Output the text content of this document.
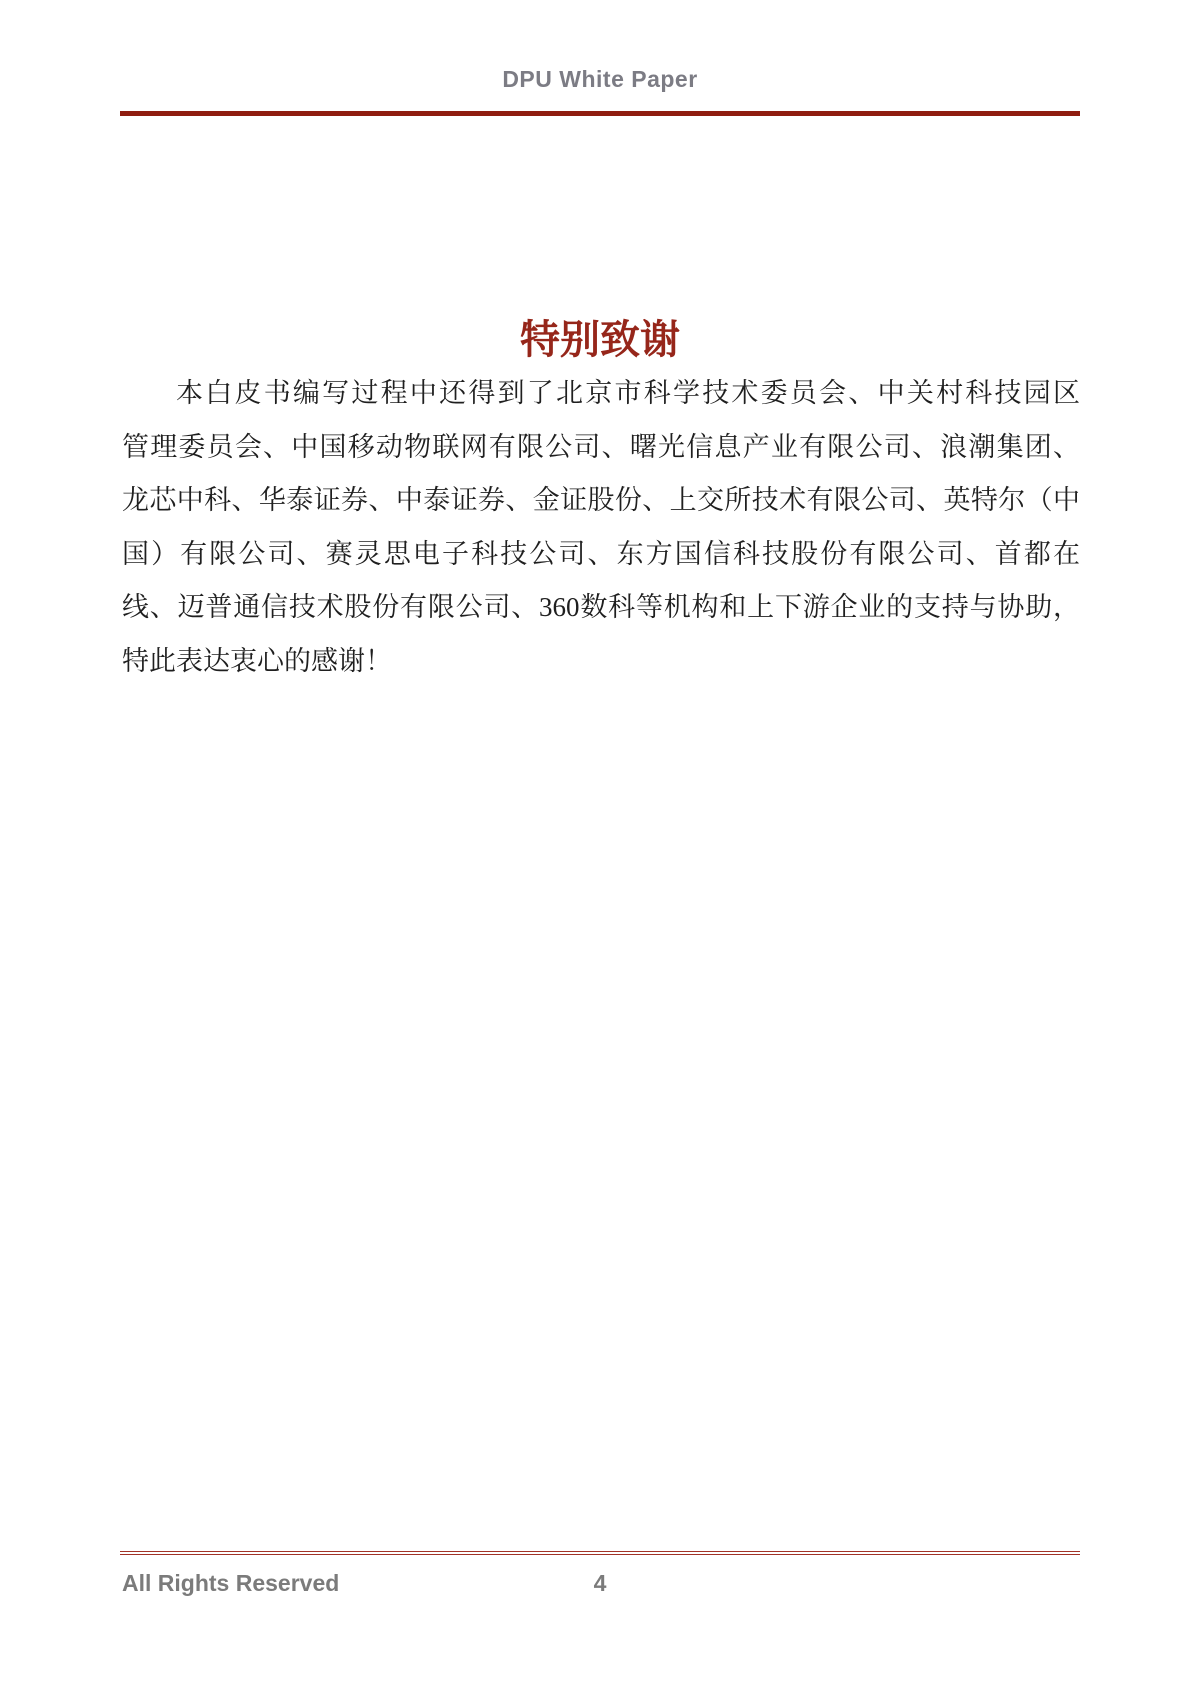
DPU White Paper
特别致谢
本白皮书编写过程中还得到了北京市科学技术委员会、中关村科技园区
管理委员会、中国移动物联网有限公司、曙光信息产业有限公司、浪潮集团、
龙芯中科、华泰证券、中泰证券、金证股份、上交所技术有限公司、英特尔（中
国）有限公司、赛灵思电子科技公司、东方国信科技股份有限公司、首都在
线、迈普通信技术股份有限公司、360数科等机构和上下游企业的支持与协助，
特此表达衷心的感谢！
All Rights Reserved	4
